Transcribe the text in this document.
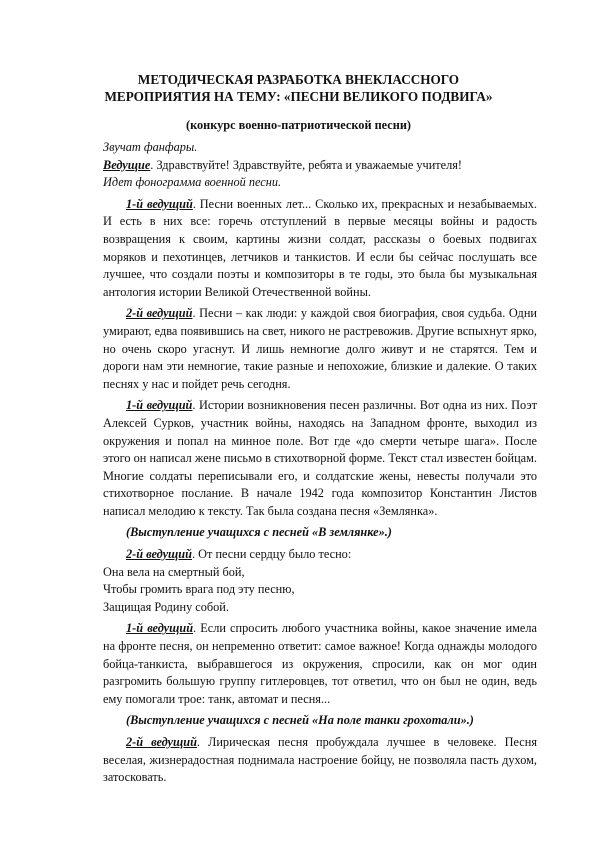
МЕТОДИЧЕСКАЯ РАЗРАБОТКА ВНЕКЛАССНОГО
МЕРОПРИЯТИЯ НА ТЕМУ: «ПЕСНИ ВЕЛИКОГО ПОДВИГА»
(конкурс военно-патриотической песни)

Звучат фанфары.

Ведущие. Здравствуйте! Здравствуйте, ребята и уважаемые учителя!

Идет фонограмма военной песни.

1-й ведущий. Песни военных лет... Сколько их, прекрасных и незабываемых. И есть в них все: горечь отступлений в первые месяцы войны и радость возвращения к своим, картины жизни солдат, рассказы о боевых подвигах моряков и пехотинцев, летчиков и танкистов. И если бы сейчас послушать все лучшее, что создали поэты и композиторы в те годы, это была бы музыкальная антология истории Великой Отечественной войны.

2-й ведущий. Песни – как люди: у каждой своя биография, своя судьба. Одни умирают, едва появившись на свет, никого не растревожив. Другие вспыхнут ярко, но очень скоро угаснут. И лишь немногие долго живут и не старятся. Тем и дороги нам эти немногие, такие разные и непохожие, близкие и далекие. О таких песнях у нас и пойдет речь сегодня.

1-й ведущий. Истории возникновения песен различны. Вот одна из них. Поэт Алексей Сурков, участник войны, находясь на Западном фронте, выходил из окружения и попал на минное поле. Вот где «до смерти четыре шага». После этого он написал жене письмо в стихотворной форме. Текст стал известен бойцам. Многие солдаты переписывали его, и солдатские жены, невесты получали это стихотворное послание. В начале 1942 года композитор Константин Листов написал мелодию к тексту. Так была создана песня «Землянка».

(Выступление учащихся с песней «В землянке».)

2-й ведущий. От песни сердцу было тесно:

Она вела на смертный бой,

Чтобы громить врага под эту песню,

Защищая Родину собой.

1-й ведущий. Если спросить любого участника войны, какое значение имела на фронте песня, он непременно ответит: самое важное! Когда однажды молодого бойца-танкиста, выбравшегося из окружения, спросили, как он мог один разгромить большую группу гитлеровцев, тот ответил, что он был не один, ведь ему помогали трое: танк, автомат и песня...

(Выступление учащихся с песней «На поле танки грохотали».)

2-й ведущий. Лирическая песня пробуждала лучшее в человеке. Песня веселая, жизнерадостная поднимала настроение бойцу, не позволяла пасть духом, затосковать.
